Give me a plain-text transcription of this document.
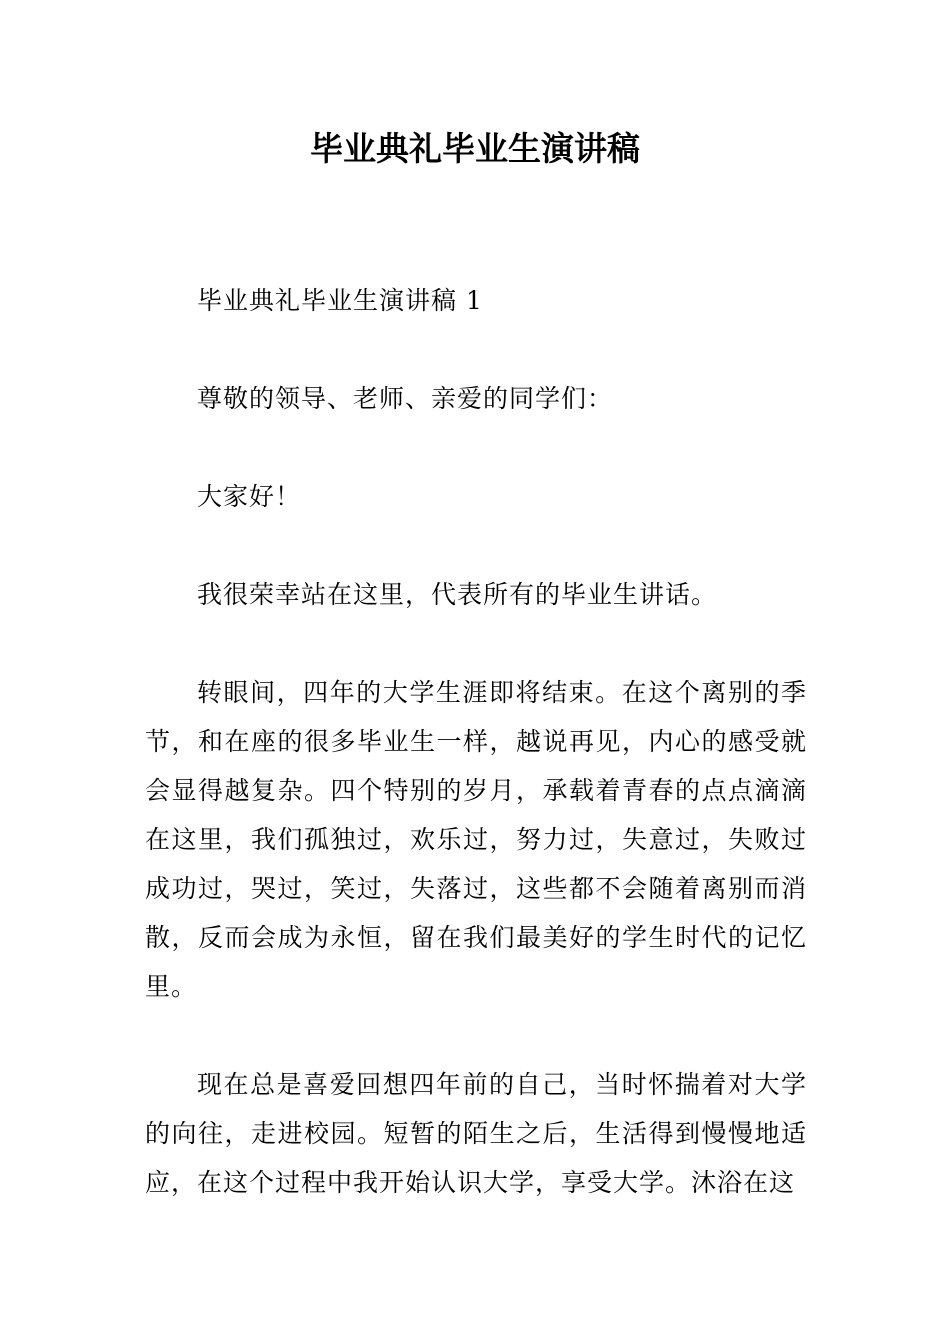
毕业典礼毕业生演讲稿

毕业典礼毕业生演讲稿 1

尊敬的领导、老师、亲爱的同学们：

大家好！

我很荣幸站在这里，代表所有的毕业生讲话。

转眼间，四年的大学生涯即将结束。在这个离别的季节，和在座的很多毕业生一样，越说再见，内心的感受就会显得越复杂。四个特别的岁月，承载着青春的点点滴滴在这里，我们孤独过，欢乐过，努力过，失意过，失败过成功过，哭过，笑过，失落过，这些都不会随着离别而消散，反而会成为永恒，留在我们最美好的学生时代的记忆里。

现在总是喜爱回想四年前的自己，当时怀揣着对大学的向往，走进校园。短暂的陌生之后，生活得到慢慢地适应，在这个过程中我开始认识大学，享受大学。沐浴在这
